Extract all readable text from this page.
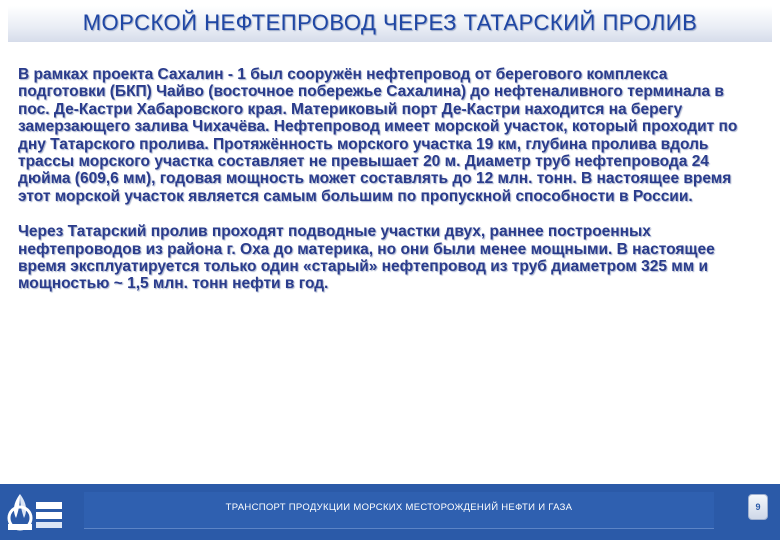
МОРСКОЙ НЕФТЕПРОВОД ЧЕРЕЗ ТАТАРСКИЙ ПРОЛИВ

В рамках проекта Сахалин - 1 был сооружён нефтепровод от берегового комплекса подготовки (БКП) Чайво (восточное побережье Сахалина) до нефтеналивного терминала в пос. Де-Кастри Хабаровского края. Материковый порт Де-Кастри находится на берегу замерзающего залива Чихачёва. Нефтепровод имеет морской участок, который проходит по дну Татарского пролива. Протяжённость морского участка 19 км, глубина пролива вдоль трассы морского участка составляет не превышает 20 м. Диаметр труб нефтепровода 24 дюйма (609,6 мм), годовая мощность может составлять до 12 млн. тонн. В настоящее время этот морской участок является самым большим по пропускной способности в России.

Через Татарский пролив проходят подводные участки двух, раннее построенных нефтепроводов из района г. Оха до материка, но они были менее мощными. В настоящее время эксплуатируется только один «старый» нефтепровод из труб диаметром 325 мм и мощностью ~ 1,5 млн. тонн нефти в год.

ТРАНСПОРТ ПРОДУКЦИИ МОРСКИХ МЕСТОРОЖДЕНИЙ НЕФТИ И ГАЗА	9
